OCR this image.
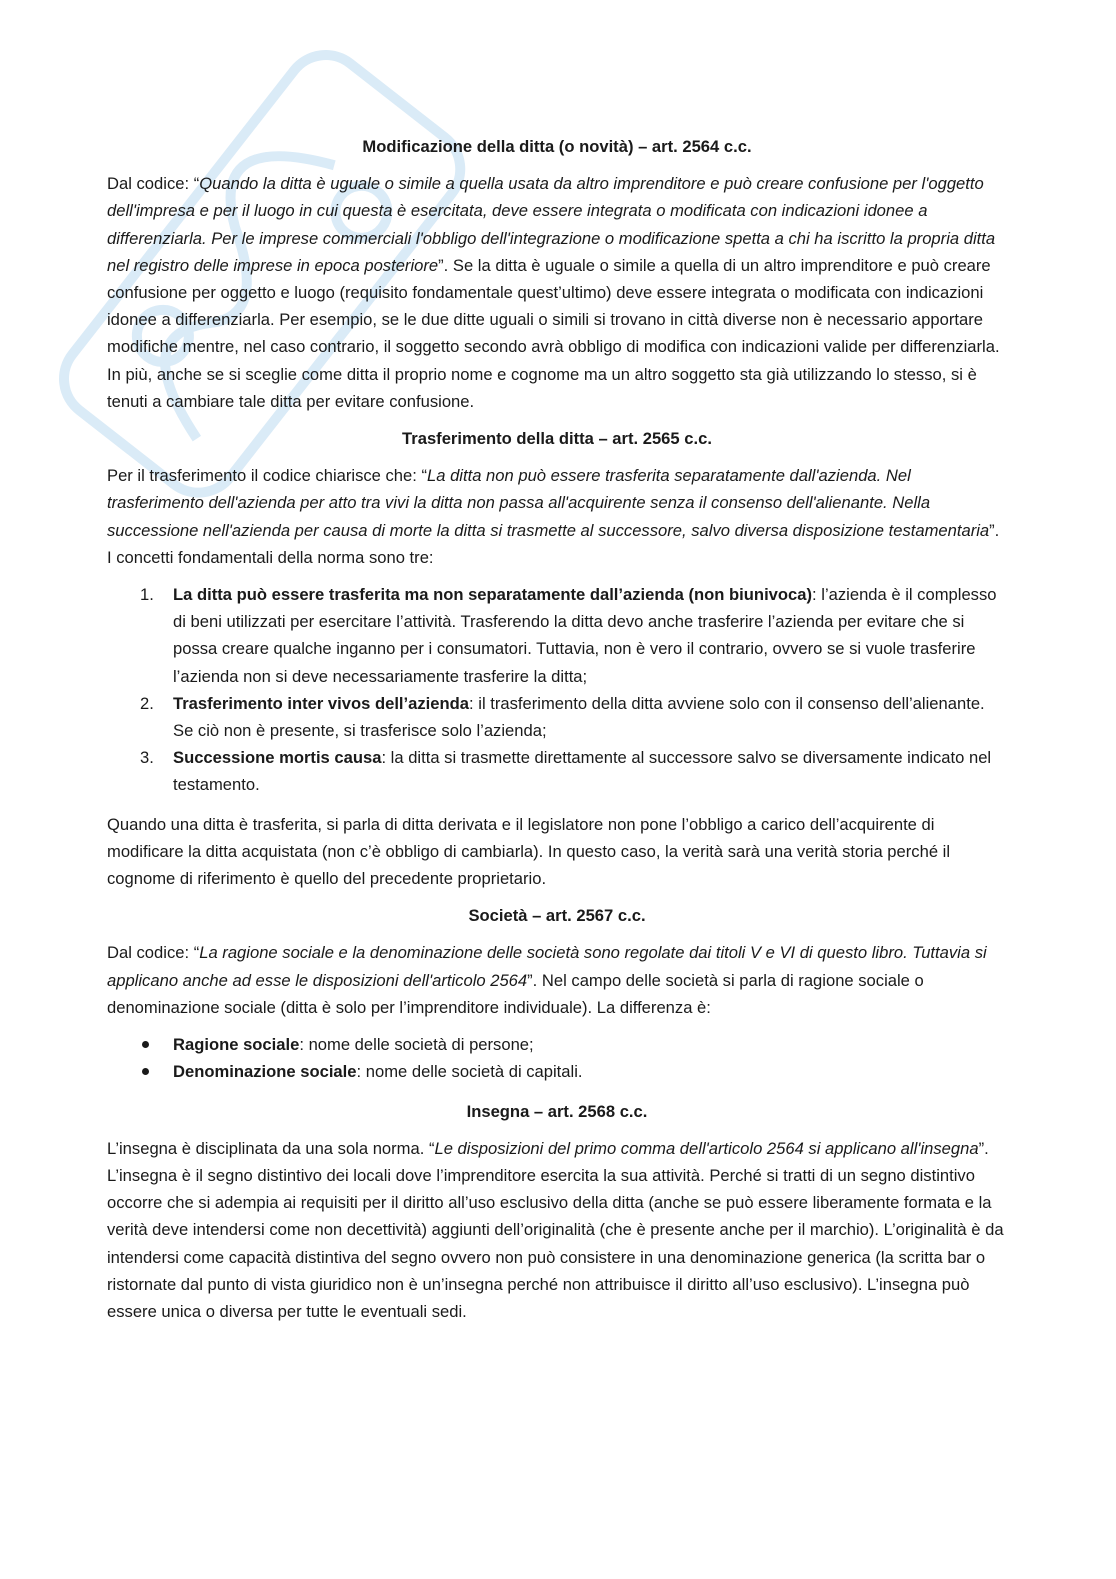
Modificazione della ditta (o novità) – art. 2564 c.c.

Dal codice: “Quando la ditta è uguale o simile a quella usata da altro imprenditore e può creare confusione per l'oggetto dell'impresa e per il luogo in cui questa è esercitata, deve essere integrata o modificata con indicazioni idonee a differenziarla. Per le imprese commerciali l'obbligo dell'integrazione o modificazione spetta a chi ha iscritto la propria ditta nel registro delle imprese in epoca posteriore”. Se la ditta è uguale o simile a quella di un altro imprenditore e può creare confusione per oggetto e luogo (requisito fondamentale quest’ultimo) deve essere integrata o modificata con indicazioni idonee a differenziarla. Per esempio, se le due ditte uguali o simili si trovano in città diverse non è necessario apportare modifiche mentre, nel caso contrario, il soggetto secondo avrà obbligo di modifica con indicazioni valide per differenziarla. In più, anche se si sceglie come ditta il proprio nome e cognome ma un altro soggetto sta già utilizzando lo stesso, si è tenuti a cambiare tale ditta per evitare confusione.

Trasferimento della ditta – art. 2565 c.c.

Per il trasferimento il codice chiarisce che: “La ditta non può essere trasferita separatamente dall'azienda. Nel trasferimento dell'azienda per atto tra vivi la ditta non passa all'acquirente senza il consenso dell'alienante. Nella successione nell'azienda per causa di morte la ditta si trasmette al successore, salvo diversa disposizione testamentaria”. I concetti fondamentali della norma sono tre:

1. La ditta può essere trasferita ma non separatamente dall’azienda (non biunivoca): l’azienda è il complesso di beni utilizzati per esercitare l’attività. Trasferendo la ditta devo anche trasferire l’azienda per evitare che si possa creare qualche inganno per i consumatori. Tuttavia, non è vero il contrario, ovvero se si vuole trasferire l’azienda non si deve necessariamente trasferire la ditta;
2. Trasferimento inter vivos dell’azienda: il trasferimento della ditta avviene solo con il consenso dell’alienante. Se ciò non è presente, si trasferisce solo l’azienda;
3. Successione mortis causa: la ditta si trasmette direttamente al successore salvo se diversamente indicato nel testamento.

Quando una ditta è trasferita, si parla di ditta derivata e il legislatore non pone l’obbligo a carico dell’acquirente di modificare la ditta acquistata (non c’è obbligo di cambiarla). In questo caso, la verità sarà una verità storia perché il cognome di riferimento è quello del precedente proprietario.

Società – art. 2567 c.c.

Dal codice: “La ragione sociale e la denominazione delle società sono regolate dai titoli V e VI di questo libro. Tuttavia si applicano anche ad esse le disposizioni dell'articolo 2564”. Nel campo delle società si parla di ragione sociale o denominazione sociale (ditta è solo per l’imprenditore individuale). La differenza è:

Ragione sociale: nome delle società di persone;
Denominazione sociale: nome delle società di capitali.
Insegna – art. 2568 c.c.

L’insegna è disciplinata da una sola norma. “Le disposizioni del primo comma dell'articolo 2564 si applicano all'insegna”. L’insegna è il segno distintivo dei locali dove l’imprenditore esercita la sua attività. Perché si tratti di un segno distintivo occorre che si adempia ai requisiti per il diritto all’uso esclusivo della ditta (anche se può essere liberamente formata e la verità deve intendersi come non decettività) aggiunti dell’originalità (che è presente anche per il marchio). L’originalità è da intendersi come capacità distintiva del segno ovvero non può consistere in una denominazione generica (la scritta bar o ristornate dal punto di vista giuridico non è un’insegna perché non attribuisce il diritto all’uso esclusivo). L’insegna può essere unica o diversa per tutte le eventuali sedi.
